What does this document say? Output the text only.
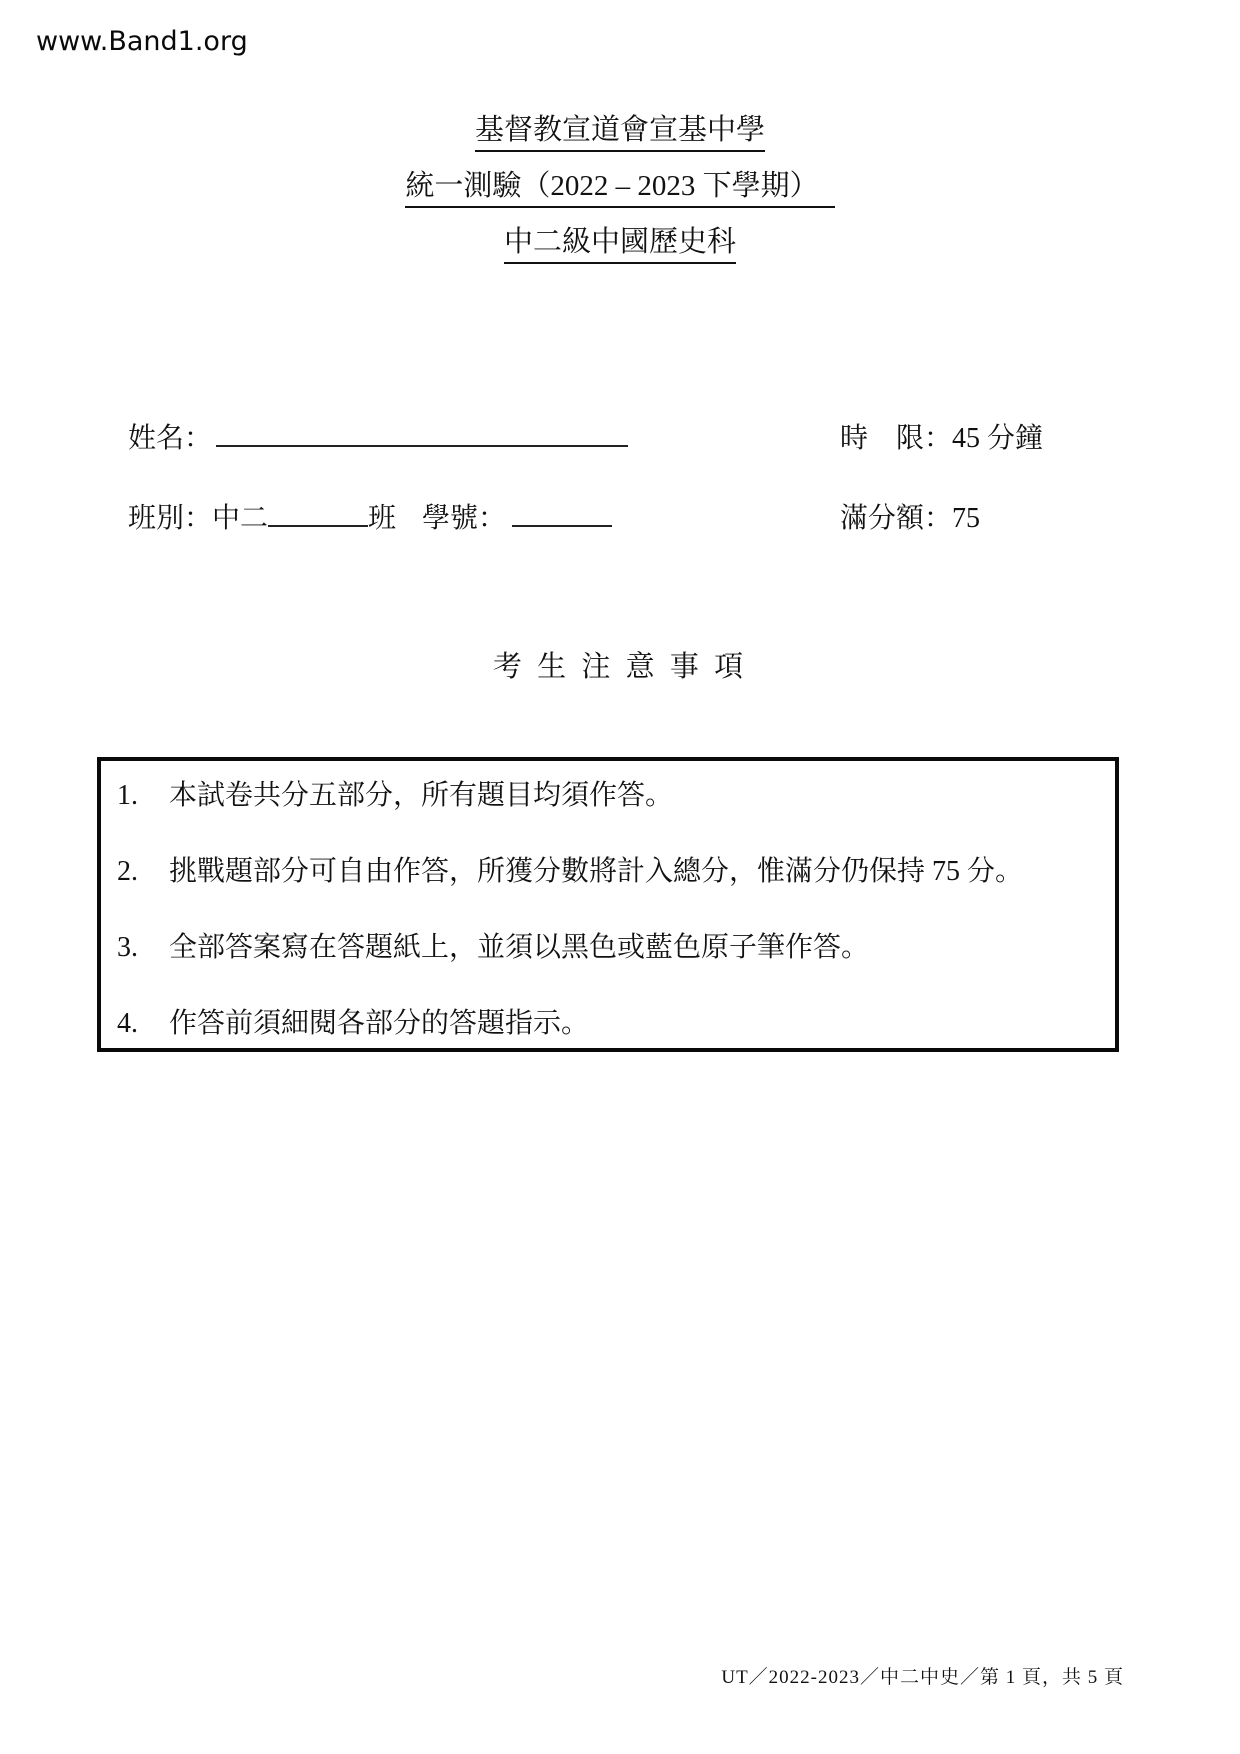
www.Band1.org
基督教宣道會宣基中學
統一測驗（2022 – 2023 下學期）
中二級中國歷史科
姓名：	時　限：45 分鐘
班別：中二	班 學號：	滿分額：75
考 生 注 意 事 項
1.	本試卷共分五部分，所有題目均須作答。
2.	挑戰題部分可自由作答，所獲分數將計入總分，惟滿分仍保持 75 分。
3.	全部答案寫在答題紙上，並須以黑色或藍色原子筆作答。
4.	作答前須細閱各部分的答題指示。
UT／2022-2023／中二中史／第 1 頁，共 5 頁
